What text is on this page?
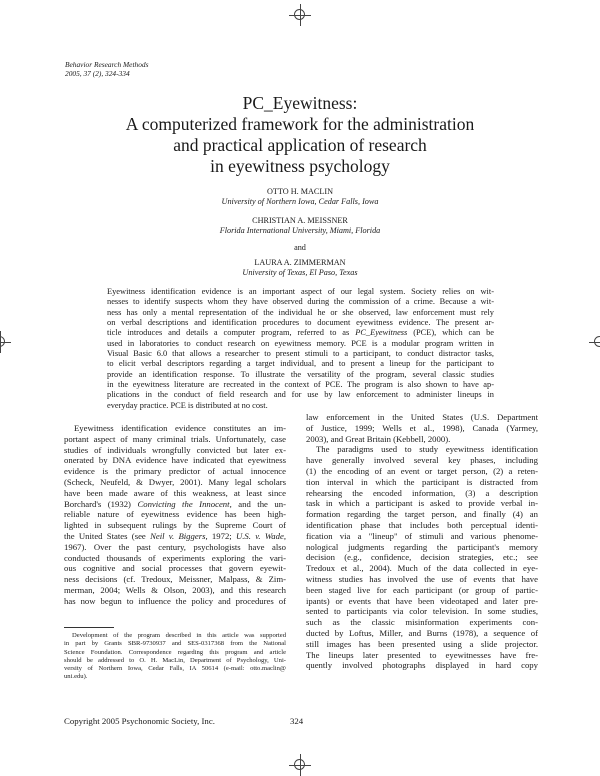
Behavior Research Methods
2005, 37 (2), 324-334
PC_Eyewitness:
A computerized framework for the administration
and practical application of research
in eyewitness psychology
OTTO H. MACLIN
University of Northern Iowa, Cedar Falls, Iowa
CHRISTIAN A. MEISSNER
Florida International University, Miami, Florida
and
LAURA A. ZIMMERMAN
University of Texas, El Paso, Texas
Eyewitness identification evidence is an important aspect of our legal system. Society relies on wit-
nesses to identify suspects whom they have observed during the commission of a crime. Because a wit-
ness has only a mental representation of the individual he or she observed, law enforcement must rely
on verbal descriptions and identification procedures to document eyewitness evidence. The present ar-
ticle introduces and details a computer program, referred to as PC_Eyewitness (PCE), which can be
used in laboratories to conduct research on eyewitness memory. PCE is a modular program written in
Visual Basic 6.0 that allows a researcher to present stimuli to a participant, to conduct distractor tasks,
to elicit verbal descriptors regarding a target individual, and to present a lineup for the participant to
provide an identification response. To illustrate the versatility of the program, several classic studies
in the eyewitness literature are recreated in the context of PCE. The program is also shown to have ap-
plications in the conduct of field research and for use by law enforcement to administer lineups in
everyday practice. PCE is distributed at no cost.
Eyewitness identification evidence constitutes an im-
portant aspect of many criminal trials. Unfortunately, case
studies of individuals wrongfully convicted but later ex-
onerated by DNA evidence have indicated that eyewitness
evidence is the primary predictor of actual innocence
(Scheck, Neufeld, & Dwyer, 2001). Many legal scholars
have been made aware of this weakness, at least since
Borchard's (1932) Convicting the Innocent, and the un-
reliable nature of eyewitness evidence has been high-
lighted in subsequent rulings by the Supreme Court of
the United States (see Neil v. Biggers, 1972; U.S. v. Wade,
1967). Over the past century, psychologists have also
conducted thousands of experiments exploring the vari-
ous cognitive and social processes that govern eyewit-
ness decisions (cf. Tredoux, Meissner, Malpass, & Zim-
merman, 2004; Wells & Olson, 2003), and this research
has now begun to influence the policy and procedures of
law enforcement in the United States (U.S. Department
of Justice, 1999; Wells et al., 1998), Canada (Yarmey,
2003), and Great Britain (Kebbell, 2000).
The paradigms used to study eyewitness identification
have generally involved several key phases, including
(1) the encoding of an event or target person, (2) a reten-
tion interval in which the participant is distracted from
rehearsing the encoded information, (3) a description
task in which a participant is asked to provide verbal in-
formation regarding the target person, and finally (4) an
identification phase that includes both perceptual identi-
fication via a "lineup" of stimuli and various phenome-
nological judgments regarding the participant's memory
decision (e.g., confidence, decision strategies, etc.; see
Tredoux et al., 2004). Much of the data collected in eye-
witness studies has involved the use of events that have
been staged live for each participant (or group of partic-
ipants) or events that have been videotaped and later pre-
sented to participants via color television. In some studies,
such as the classic misinformation experiments con-
ducted by Loftus, Miller, and Burns (1978), a sequence of
still images has been presented using a slide projector.
The lineups later presented to eyewitnesses have fre-
quently involved photographs displayed in hard copy
Development of the program described in this article was supported
in part by Grants SBR-9730937 and SES-0317368 from the National
Science Foundation. Correspondence regarding this program and article
should be addressed to O. H. MacLin, Department of Psychology, Uni-
versity of Northern Iowa, Cedar Falls, IA 50614 (e-mail: otto.maclin@
uni.edu).
Copyright 2005 Psychonomic Society, Inc.	324
